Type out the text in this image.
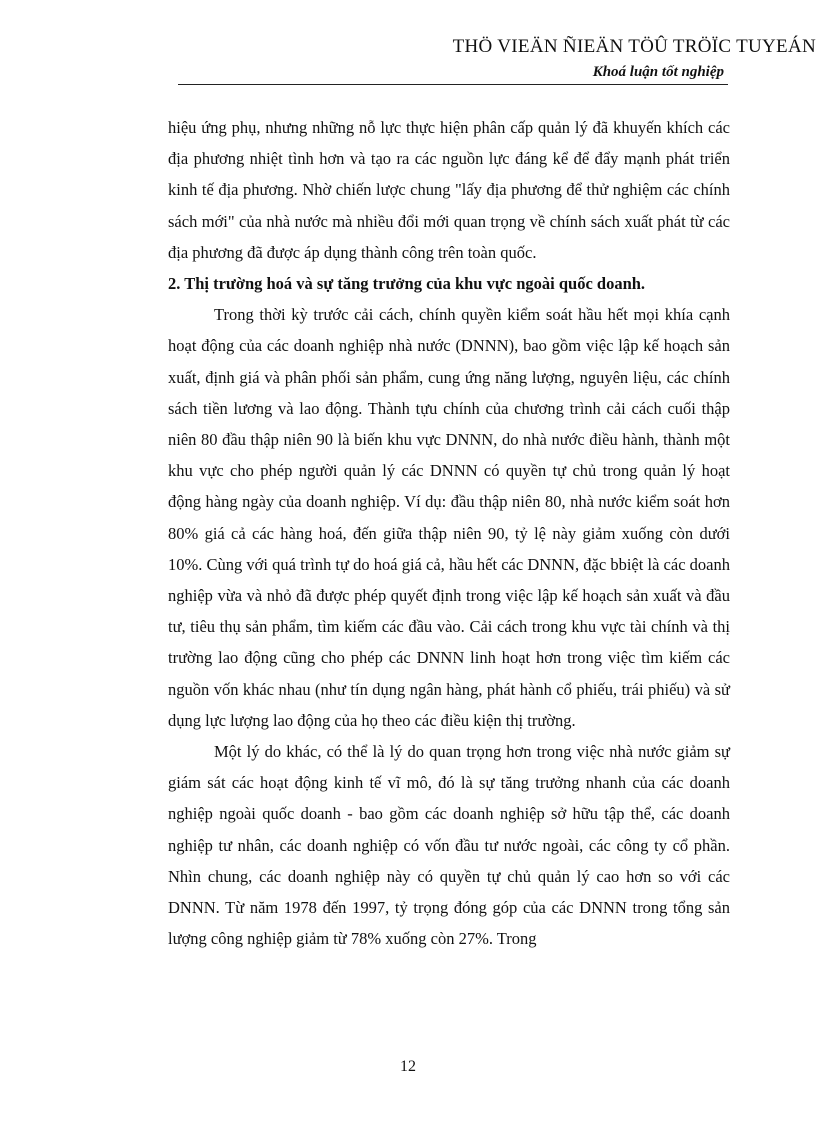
THÖ VIEÄN ÑIEÄN TÖÛ TRÖÏC TUYEÁN
Khoá luận tốt nghiệp

hiệu ứng phụ, nhưng những nỗ lực thực hiện phân cấp quản lý đã khuyến khích các địa phương nhiệt tình hơn và tạo ra các nguồn lực đáng kể để đẩy mạnh phát triển kinh tế địa phương. Nhờ chiến lược chung "lấy địa phương để thử nghiệm các chính sách mới" của nhà nước mà nhiều đổi mới quan trọng về chính sách xuất phát từ các địa phương đã được áp dụng thành công trên toàn quốc.

2. Thị trường hoá và sự tăng trưởng của khu vực ngoài quốc doanh.

Trong thời kỳ trước cải cách, chính quyền kiểm soát hầu hết mọi khía cạnh hoạt động của các doanh nghiệp nhà nước (DNNN), bao gồm việc lập kế hoạch sản xuất, định giá và phân phối sản phẩm, cung ứng năng lượng, nguyên liệu, các chính sách tiền lương và lao động. Thành tựu chính của chương trình cải cách cuối thập niên 80 đầu thập niên 90 là biến khu vực DNNN, do nhà nước điều hành, thành một khu vực cho phép người quản lý các DNNN có quyền tự chủ trong quản lý hoạt động hàng ngày của doanh nghiệp. Ví dụ: đầu thập niên 80, nhà nước kiểm soát hơn 80% giá cả các hàng hoá, đến giữa thập niên 90, tỷ lệ này giảm xuống còn dưới 10%. Cùng với quá trình tự do hoá giá cả, hầu hết các DNNN, đặc bbiệt là các doanh nghiệp vừa và nhỏ đã được phép quyết định trong việc lập kế hoạch sản xuất và đầu tư, tiêu thụ sản phẩm, tìm kiếm các đầu vào. Cải cách trong khu vực tài chính và thị trường lao động cũng cho phép các DNNN linh hoạt hơn trong việc tìm kiếm các nguồn vốn khác nhau (như tín dụng ngân hàng, phát hành cổ phiếu, trái phiếu) và sử dụng lực lượng lao động của họ theo các điều kiện thị trường.

Một lý do khác, có thể là lý do quan trọng hơn trong việc nhà nước giảm sự giám sát các hoạt động kinh tế vĩ mô, đó là sự tăng trưởng nhanh của các doanh nghiệp ngoài quốc doanh - bao gồm các doanh nghiệp sở hữu tập thể, các doanh nghiệp tư nhân, các doanh nghiệp có vốn đầu tư nước ngoài, các công ty cổ phần. Nhìn chung, các doanh nghiệp này có quyền tự chủ quản lý cao hơn so với các DNNN. Từ năm 1978 đến 1997, tỷ trọng đóng góp của các DNNN trong tổng sản lượng công nghiệp giảm từ 78% xuống còn 27%. Trong

12
